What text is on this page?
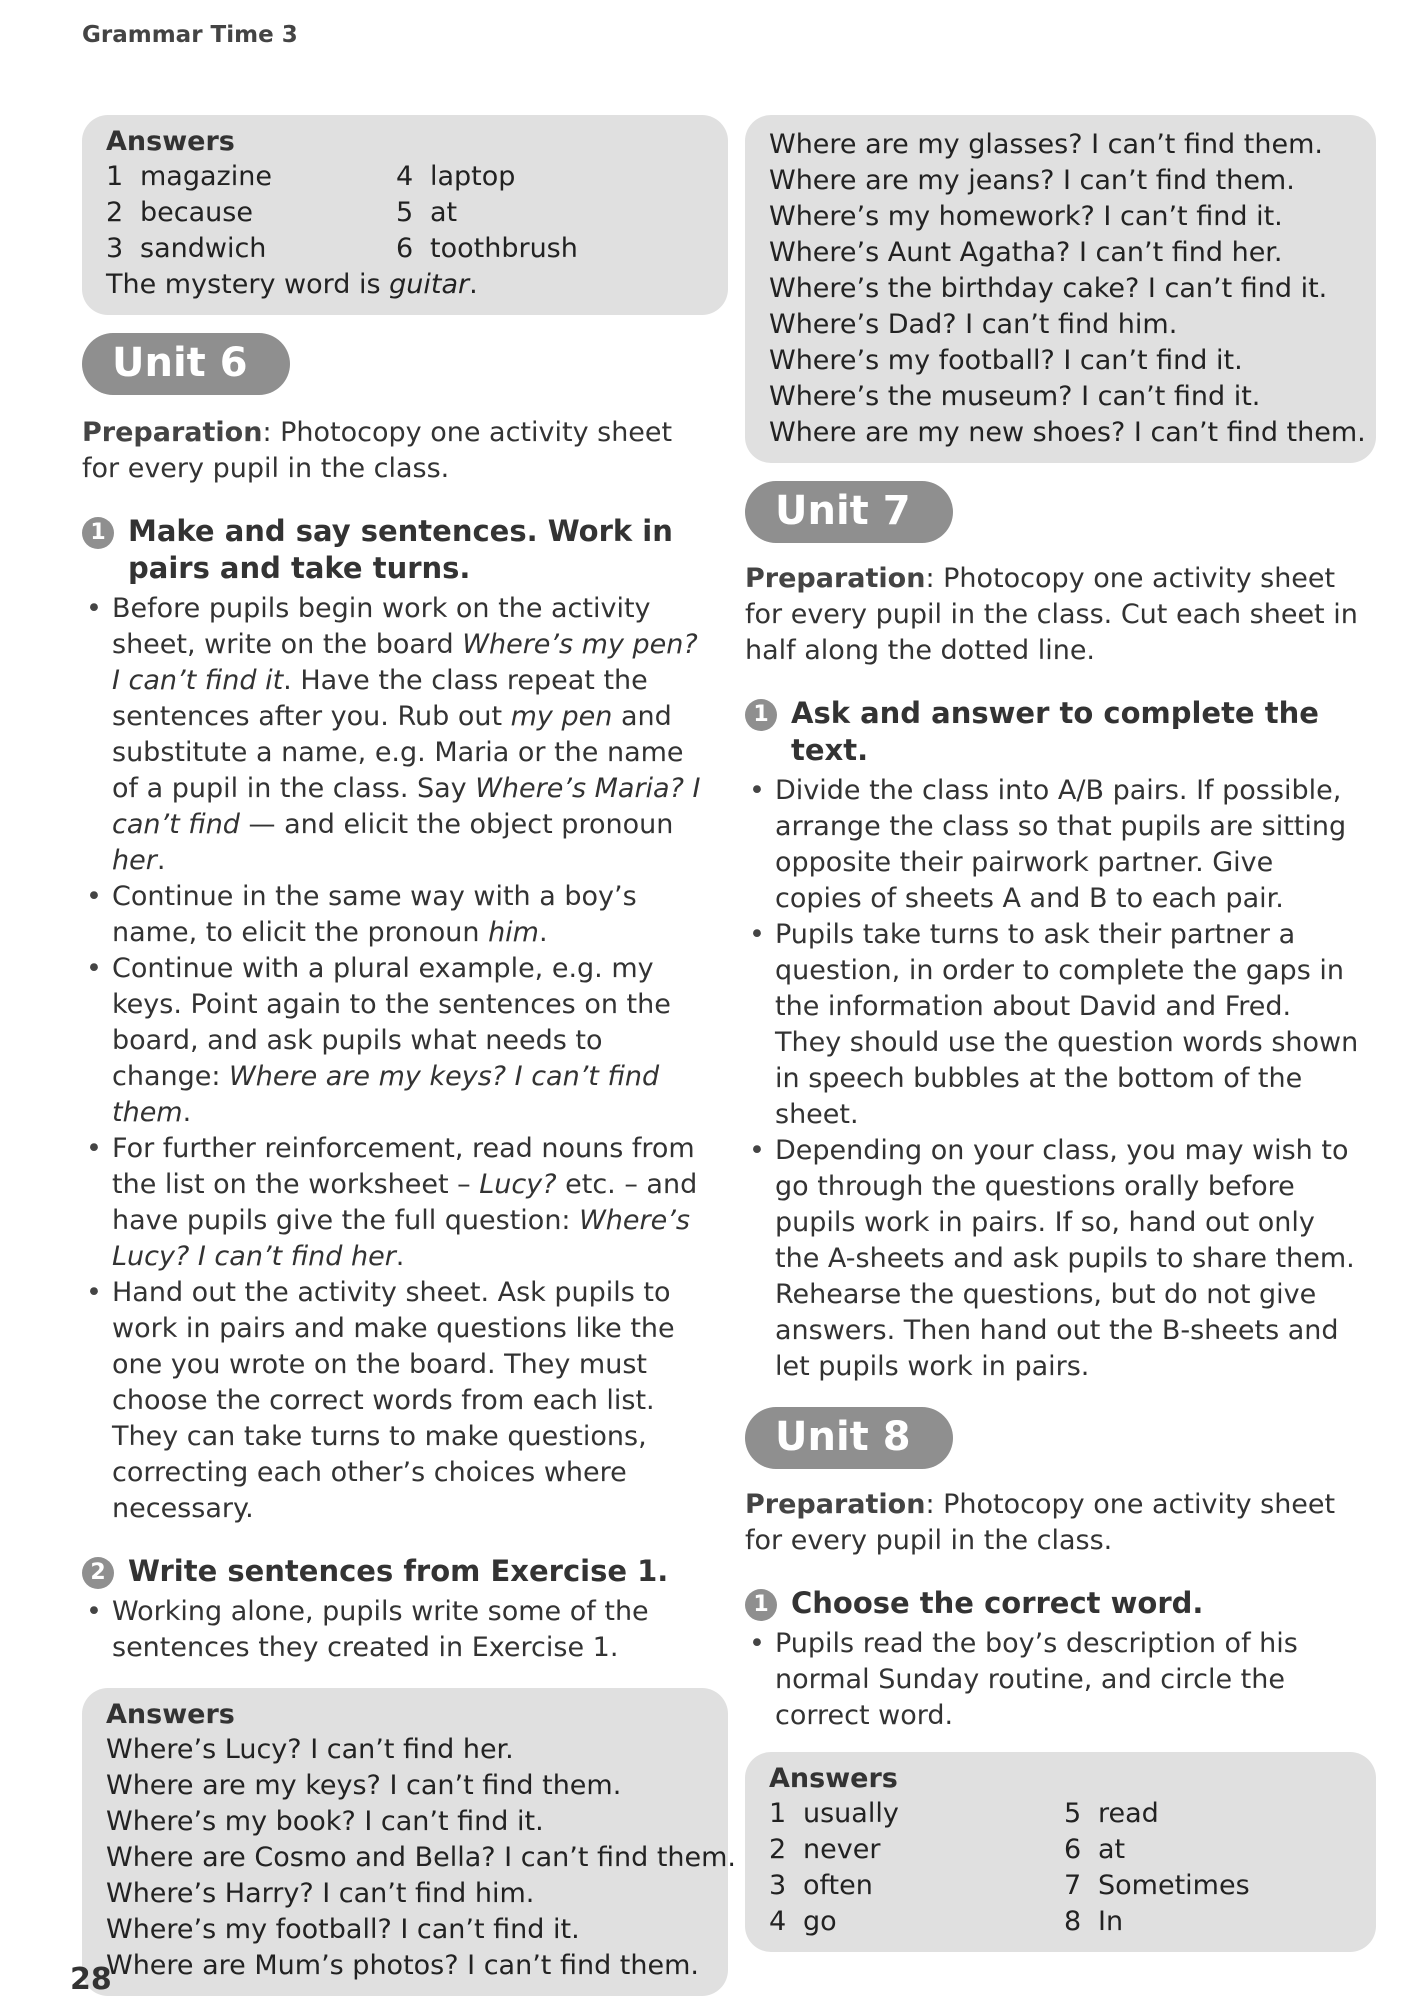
Grammar Time 3
Answers
1 magazine
2 because
3 sandwich
4 laptop
5 at
6 toothbrush
The mystery word is guitar.
Unit 6
Preparation: Photocopy one activity sheet for every pupil in the class.
1 Make and say sentences. Work in pairs and take turns.
• Before pupils begin work on the activity sheet, write on the board Where’s my pen? I can’t find it. Have the class repeat the sentences after you. Rub out my pen and substitute a name, e.g. Maria or the name of a pupil in the class. Say Where’s Maria? I can’t find — and elicit the object pronoun her.
• Continue in the same way with a boy’s name, to elicit the pronoun him.
• Continue with a plural example, e.g. my keys. Point again to the sentences on the board, and ask pupils what needs to change: Where are my keys? I can’t find them.
• For further reinforcement, read nouns from the list on the worksheet – Lucy? etc. – and have pupils give the full question: Where’s Lucy? I can’t find her.
• Hand out the activity sheet. Ask pupils to work in pairs and make questions like the one you wrote on the board. They must choose the correct words from each list. They can take turns to make questions, correcting each other’s choices where necessary.
2 Write sentences from Exercise 1.
• Working alone, pupils write some of the sentences they created in Exercise 1.
Answers
Where’s Lucy? I can’t find her.
Where are my keys? I can’t find them.
Where’s my book? I can’t find it.
Where are Cosmo and Bella? I can’t find them.
Where’s Harry? I can’t find him.
Where’s my football? I can’t find it.
Where are Mum’s photos? I can’t find them.
Where are my glasses? I can’t find them.
Where are my jeans? I can’t find them.
Where’s my homework? I can’t find it.
Where’s Aunt Agatha? I can’t find her.
Where’s the birthday cake? I can’t find it.
Where’s Dad? I can’t find him.
Where’s my football? I can’t find it.
Where’s the museum? I can’t find it.
Where are my new shoes? I can’t find them.
Unit 7
Preparation: Photocopy one activity sheet for every pupil in the class. Cut each sheet in half along the dotted line.
1 Ask and answer to complete the text.
• Divide the class into A/B pairs. If possible, arrange the class so that pupils are sitting opposite their pairwork partner. Give copies of sheets A and B to each pair.
• Pupils take turns to ask their partner a question, in order to complete the gaps in the information about David and Fred. They should use the question words shown in speech bubbles at the bottom of the sheet.
• Depending on your class, you may wish to go through the questions orally before pupils work in pairs. If so, hand out only the A-sheets and ask pupils to share them. Rehearse the questions, but do not give answers. Then hand out the B-sheets and let pupils work in pairs.
Unit 8
Preparation: Photocopy one activity sheet for every pupil in the class.
1 Choose the correct word.
• Pupils read the boy’s description of his normal Sunday routine, and circle the correct word.
Answers
1 usually
2 never
3 often
4 go
5 read
6 at
7 Sometimes
8 In
28
